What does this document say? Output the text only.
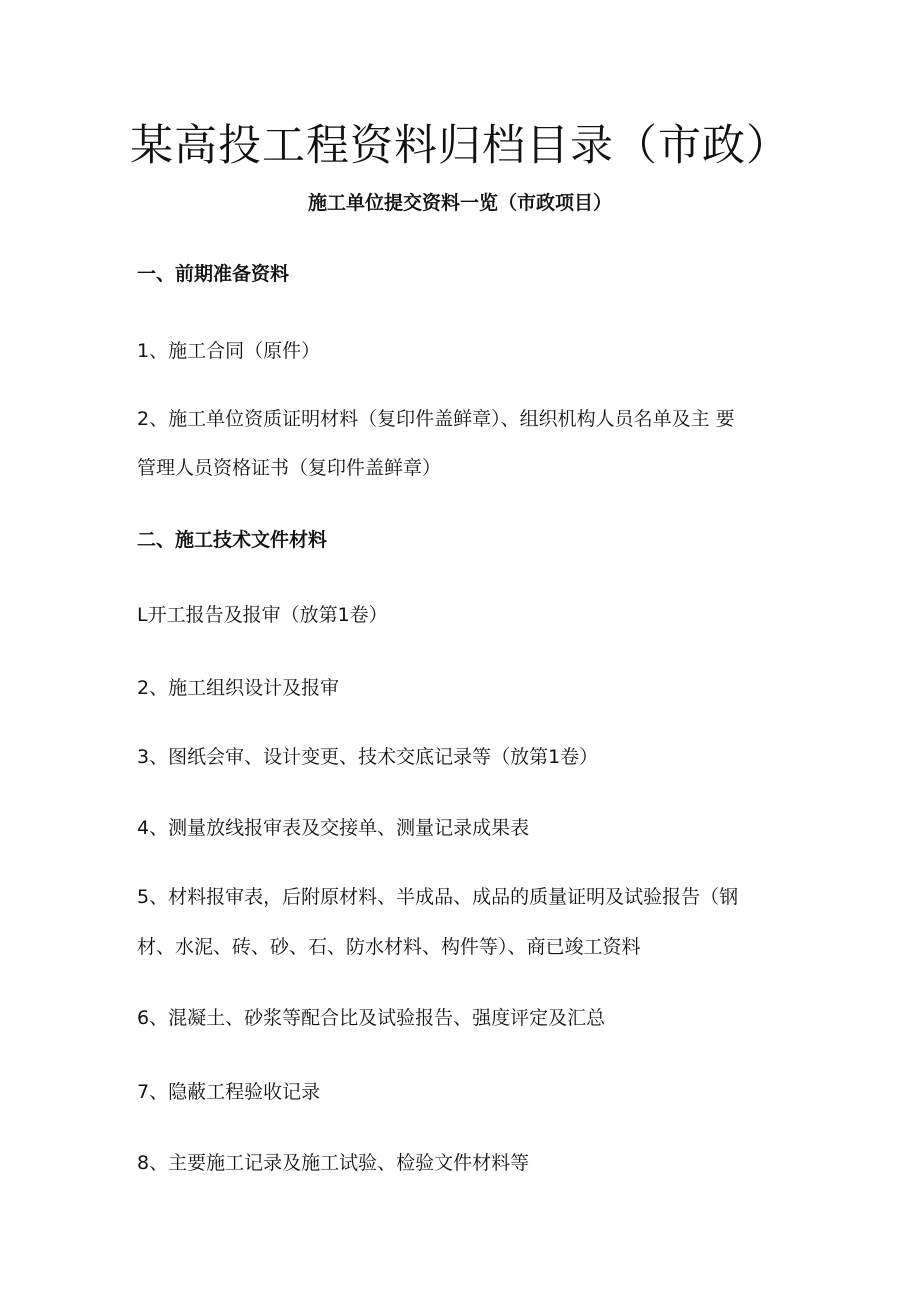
某高投工程资料归档目录（市政）

施工单位提交资料一览（市政项目）

一、前期准备资料

1、施工合同（原件）

2、施工单位资质证明材料（复印件盖鲜章）、组织机构人员名单及主 要

管理人员资格证书（复印件盖鲜章）

二、施工技术文件材料

L开工报告及报审（放第1卷）

2、施工组织设计及报审

3、图纸会审、设计变更、技术交底记录等（放第1卷）

4、测量放线报审表及交接单、测量记录成果表

5、材料报审表，后附原材料、半成品、成品的质量证明及试验报告（钢

材、水泥、砖、砂、石、防水材料、构件等）、商已竣工资料

6、混凝土、砂浆等配合比及试验报告、强度评定及汇总

7、隐蔽工程验收记录

8、主要施工记录及施工试验、检验文件材料等
